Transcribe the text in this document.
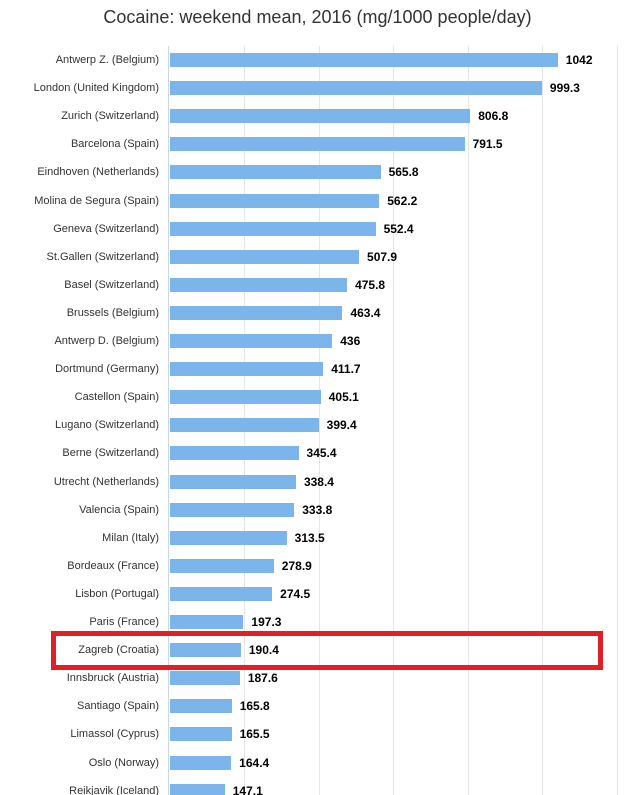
Cocaine: weekend mean, 2016 (mg/1000 people/day)
Antwerp Z. (Belgium)	1042
London (United Kingdom)	999.3
Zurich (Switzerland)	806.8
Barcelona (Spain)	791.5
Eindhoven (Netherlands)	565.8
Molina de Segura (Spain)	562.2
Geneva (Switzerland)	552.4
St.Gallen (Switzerland)	507.9
Basel (Switzerland)	475.8
Brussels (Belgium)	463.4
Antwerp D. (Belgium)	436
Dortmund (Germany)	411.7
Castellon (Spain)	405.1
Lugano (Switzerland)	399.4
Berne (Switzerland)	345.4
Utrecht (Netherlands)	338.4
Valencia (Spain)	333.8
Milan (Italy)	313.5
Bordeaux (France)	278.9
Lisbon (Portugal)	274.5
Paris (France)	197.3
Zagreb (Croatia)	190.4
Innsbruck (Austria)	187.6
Santiago (Spain)	165.8
Limassol (Cyprus)	165.5
Oslo (Norway)	164.4
Reikjavik (Iceland)	147.1
